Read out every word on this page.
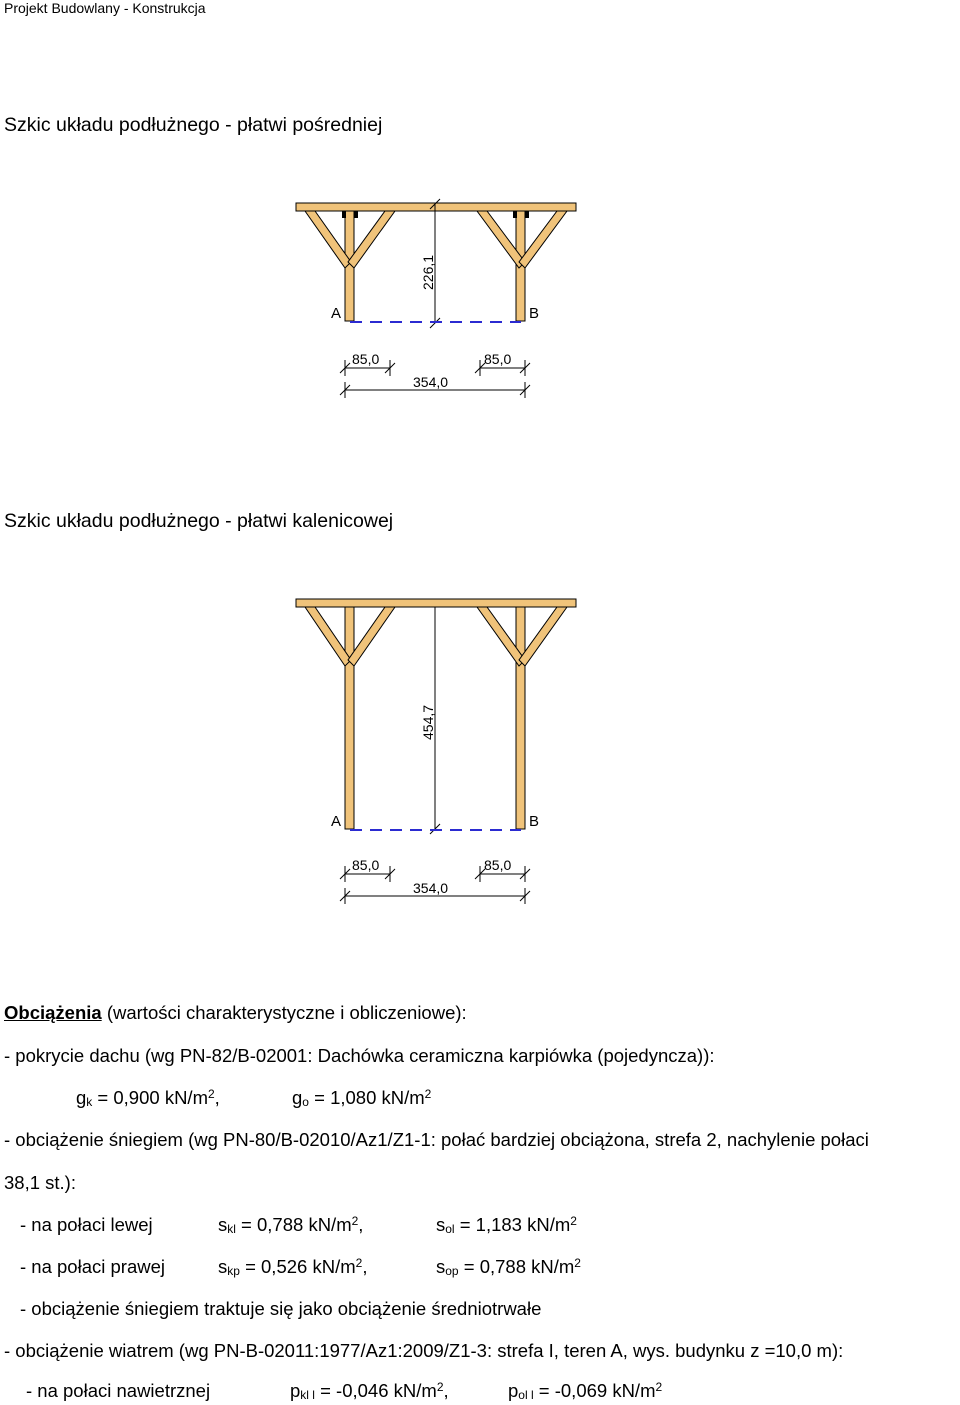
Projekt Budowlany - Konstrukcja
Szkic układu podłużnego - płatwi pośredniej
226,1
A	B
85,0	85,0
354,0
Szkic układu podłużnego - płatwi kalenicowej
454,7
A	B
85,0	85,0
354,0
Obciążenia (wartości charakterystyczne i obliczeniowe):
- pokrycie dachu (wg PN-82/B-02001: Dachówka ceramiczna karpiówka (pojedyncza)):
$g_k = 0,900$ $kN/m^2$,	$g_o = 1,080$ $kN/m^2$
- obciążenie śniegiem (wg PN-80/B-02010/Az1/Z1-1: połać bardziej obciążona, strefa 2, nachylenie połaci
38,1 st.):
- na połaci lewej	$s_{kl} = 0,788$ $kN/m^2$,	$s_{ol} = 1,183$ $kN/m^2$
- na połaci prawej	$s_{kp} = 0,526$ $kN/m^2$,	$s_{op} = 0,788$ $kN/m^2$
- obciążenie śniegiem traktuje się jako obciążenie średniotrwałe
- obciążenie wiatrem (wg PN-B-02011:1977/Az1:2009/Z1-3: strefa I, teren A, wys. budynku z =10,0 m):
- na połaci nawietrznej	$p_{kl l} = -0,046$ $kN/m^2$,	$p_{ol l} = -0,069$ $kN/m^2$
